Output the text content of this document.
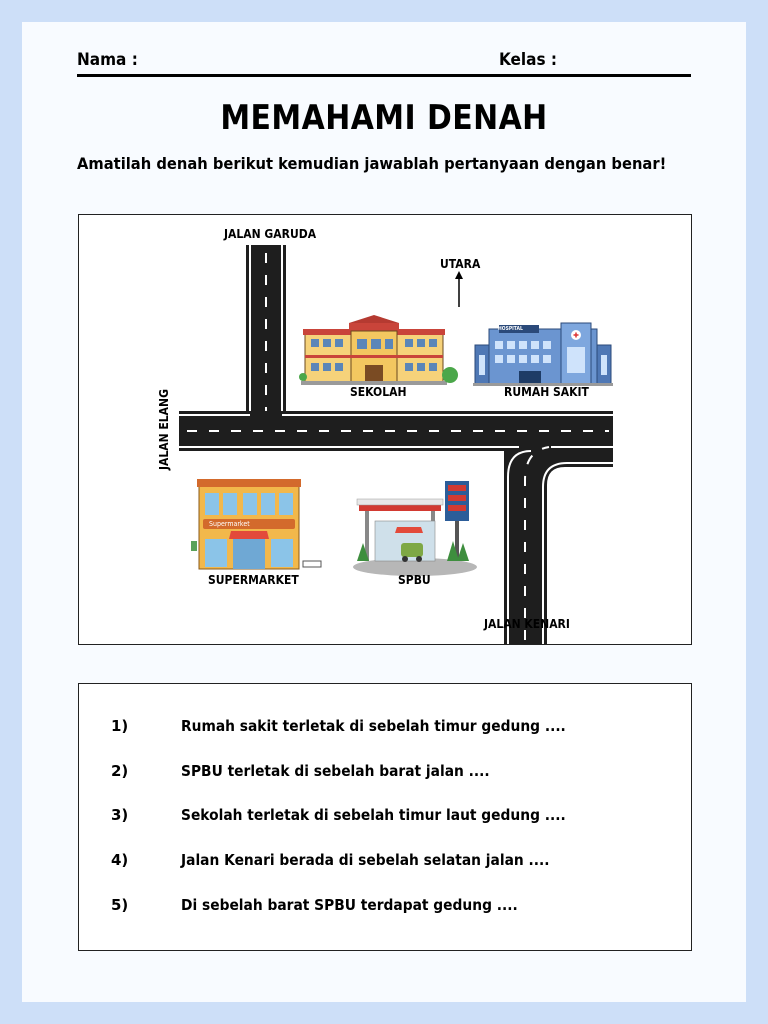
Nama :	Kelas :
MEMAHAMI DENAH
Amatilah denah berikut kemudian jawablah pertanyaan dengan benar!
JALAN GARUDA
JALAN ELANG
JALAN KENARI
UTARA
SEKOLAH	RUMAH SAKIT
SUPERMARKET	SPBU
HOSPITAL
Supermarket
1)	Rumah sakit terletak di sebelah timur gedung ....
2)	SPBU terletak di sebelah barat jalan ....
3)	Sekolah terletak di sebelah timur laut gedung ....
4)	Jalan Kenari berada di sebelah selatan jalan ....
5)	Di sebelah barat SPBU terdapat gedung ....
